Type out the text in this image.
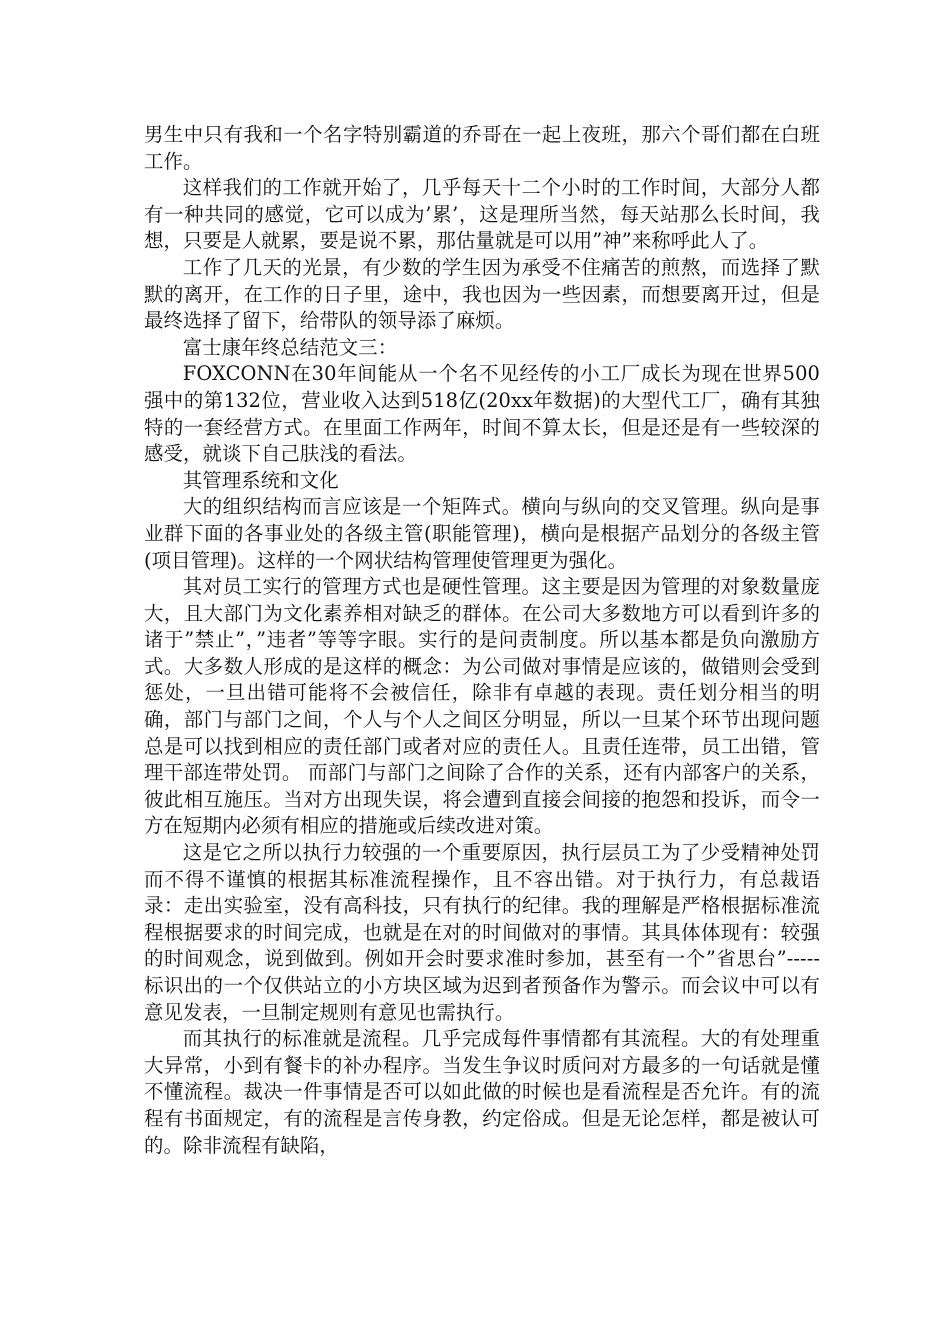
男生中只有我和一个名字特别霸道的乔哥在一起上夜班，那六个哥们都在白班工作。

这样我们的工作就开始了，几乎每天十二个小时的工作时间，大部分人都有一种共同的感觉，它可以成为’累’，这是理所当然，每天站那么长时间，我想，只要是人就累，要是说不累，那估量就是可以用”神”来称呼此人了。

工作了几天的光景，有少数的学生因为承受不住痛苦的煎熬，而选择了默默的离开，在工作的日子里，途中，我也因为一些因素，而想要离开过，但是最终选择了留下，给带队的领导添了麻烦。

富士康年终总结范文三：

FOXCONN在30年间能从一个名不见经传的小工厂成长为现在世界500强中的第132位，营业收入达到518亿(20xx年数据)的大型代工厂，确有其独特的一套经营方式。在里面工作两年，时间不算太长，但是还是有一些较深的感受，就谈下自己肤浅的看法。

其管理系统和文化

大的组织结构而言应该是一个矩阵式。横向与纵向的交叉管理。纵向是事业群下面的各事业处的各级主管(职能管理)，横向是根据产品划分的各级主管(项目管理)。这样的一个网状结构管理使管理更为强化。

其对员工实行的管理方式也是硬性管理。这主要是因为管理的对象数量庞大，且大部门为文化素养相对缺乏的群体。在公司大多数地方可以看到许多的诸于”禁止”，”违者”等等字眼。实行的是问责制度。所以基本都是负向激励方式。大多数人形成的是这样的概念：为公司做对事情是应该的，做错则会受到惩处，一旦出错可能将不会被信任，除非有卓越的表现。责任划分相当的明确，部门与部门之间，个人与个人之间区分明显，所以一旦某个环节出现问题总是可以找到相应的责任部门或者对应的责任人。且责任连带，员工出错，管理干部连带处罚。 而部门与部门之间除了合作的关系，还有内部客户的关系，彼此相互施压。当对方出现失误，将会遭到直接会间接的抱怨和投诉，而令一方在短期内必须有相应的措施或后续改进对策。

这是它之所以执行力较强的一个重要原因，执行层员工为了少受精神处罚而不得不谨慎的根据其标准流程操作，且不容出错。对于执行力，有总裁语录：走出实验室，没有高科技，只有执行的纪律。我的理解是严格根据标准流程根据要求的时间完成，也就是在对的时间做对的事情。其具体体现有：较强的时间观念，说到做到。例如开会时要求准时参加，甚至有一个”省思台”-----标识出的一个仅供站立的小方块区域为迟到者预备作为警示。而会议中可以有意见发表，一旦制定规则有意见也需执行。

而其执行的标准就是流程。几乎完成每件事情都有其流程。大的有处理重大异常，小到有餐卡的补办程序。当发生争议时质问对方最多的一句话就是懂不懂流程。裁决一件事情是否可以如此做的时候也是看流程是否允许。有的流程有书面规定，有的流程是言传身教，约定俗成。但是无论怎样，都是被认可的。除非流程有缺陷，
